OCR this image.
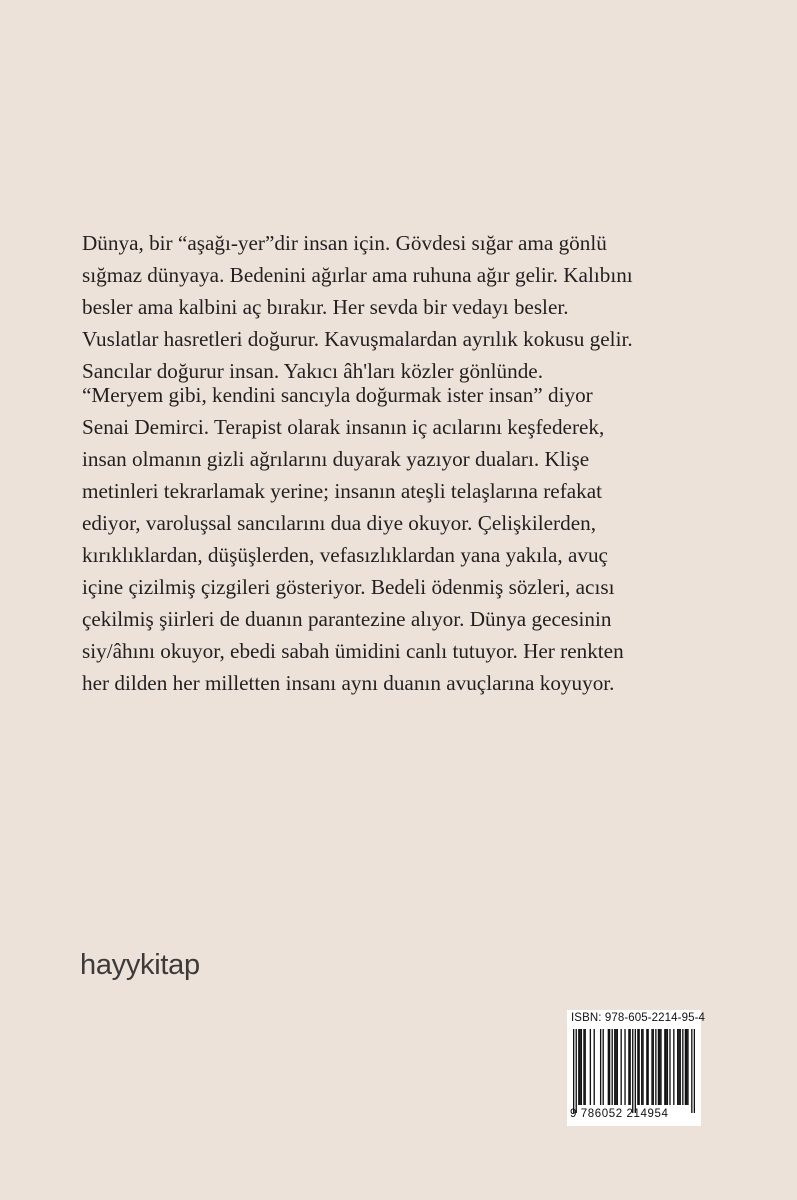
Dünya, bir “aşağı-yer”dir insan için. Gövdesi sığar ama gönlü
sığmaz dünyaya. Bedenini ağırlar ama ruhuna ağır gelir. Kalıbını
besler ama kalbini aç bırakır. Her sevda bir vedayı besler.
Vuslatlar hasretleri doğurur. Kavuşmalardan ayrılık kokusu gelir.
Sancılar doğurur insan. Yakıcı âh'ları közler gönlünde.
“Meryem gibi, kendini sancıyla doğurmak ister insan” diyor
Senai Demirci. Terapist olarak insanın iç acılarını keşfederek,
insan olmanın gizli ağrılarını duyarak yazıyor duaları. Klişe
metinleri tekrarlamak yerine; insanın ateşli telaşlarına refakat
ediyor, varoluşsal sancılarını dua diye okuyor. Çelişkilerden,
kırıklıklardan, düşüşlerden, vefasızlıklardan yana yakıla, avuç
içine çizilmiş çizgileri gösteriyor. Bedeli ödenmiş sözleri, acısı
çekilmiş şiirleri de duanın parantezine alıyor. Dünya gecesinin
siy/âhını okuyor, ebedi sabah ümidini canlı tutuyor. Her renkten
her dilden her milletten insanı aynı duanın avuçlarına koyuyor.
hayykitap
ISBN: 978-605-2214-95-4
9 786052 214954
